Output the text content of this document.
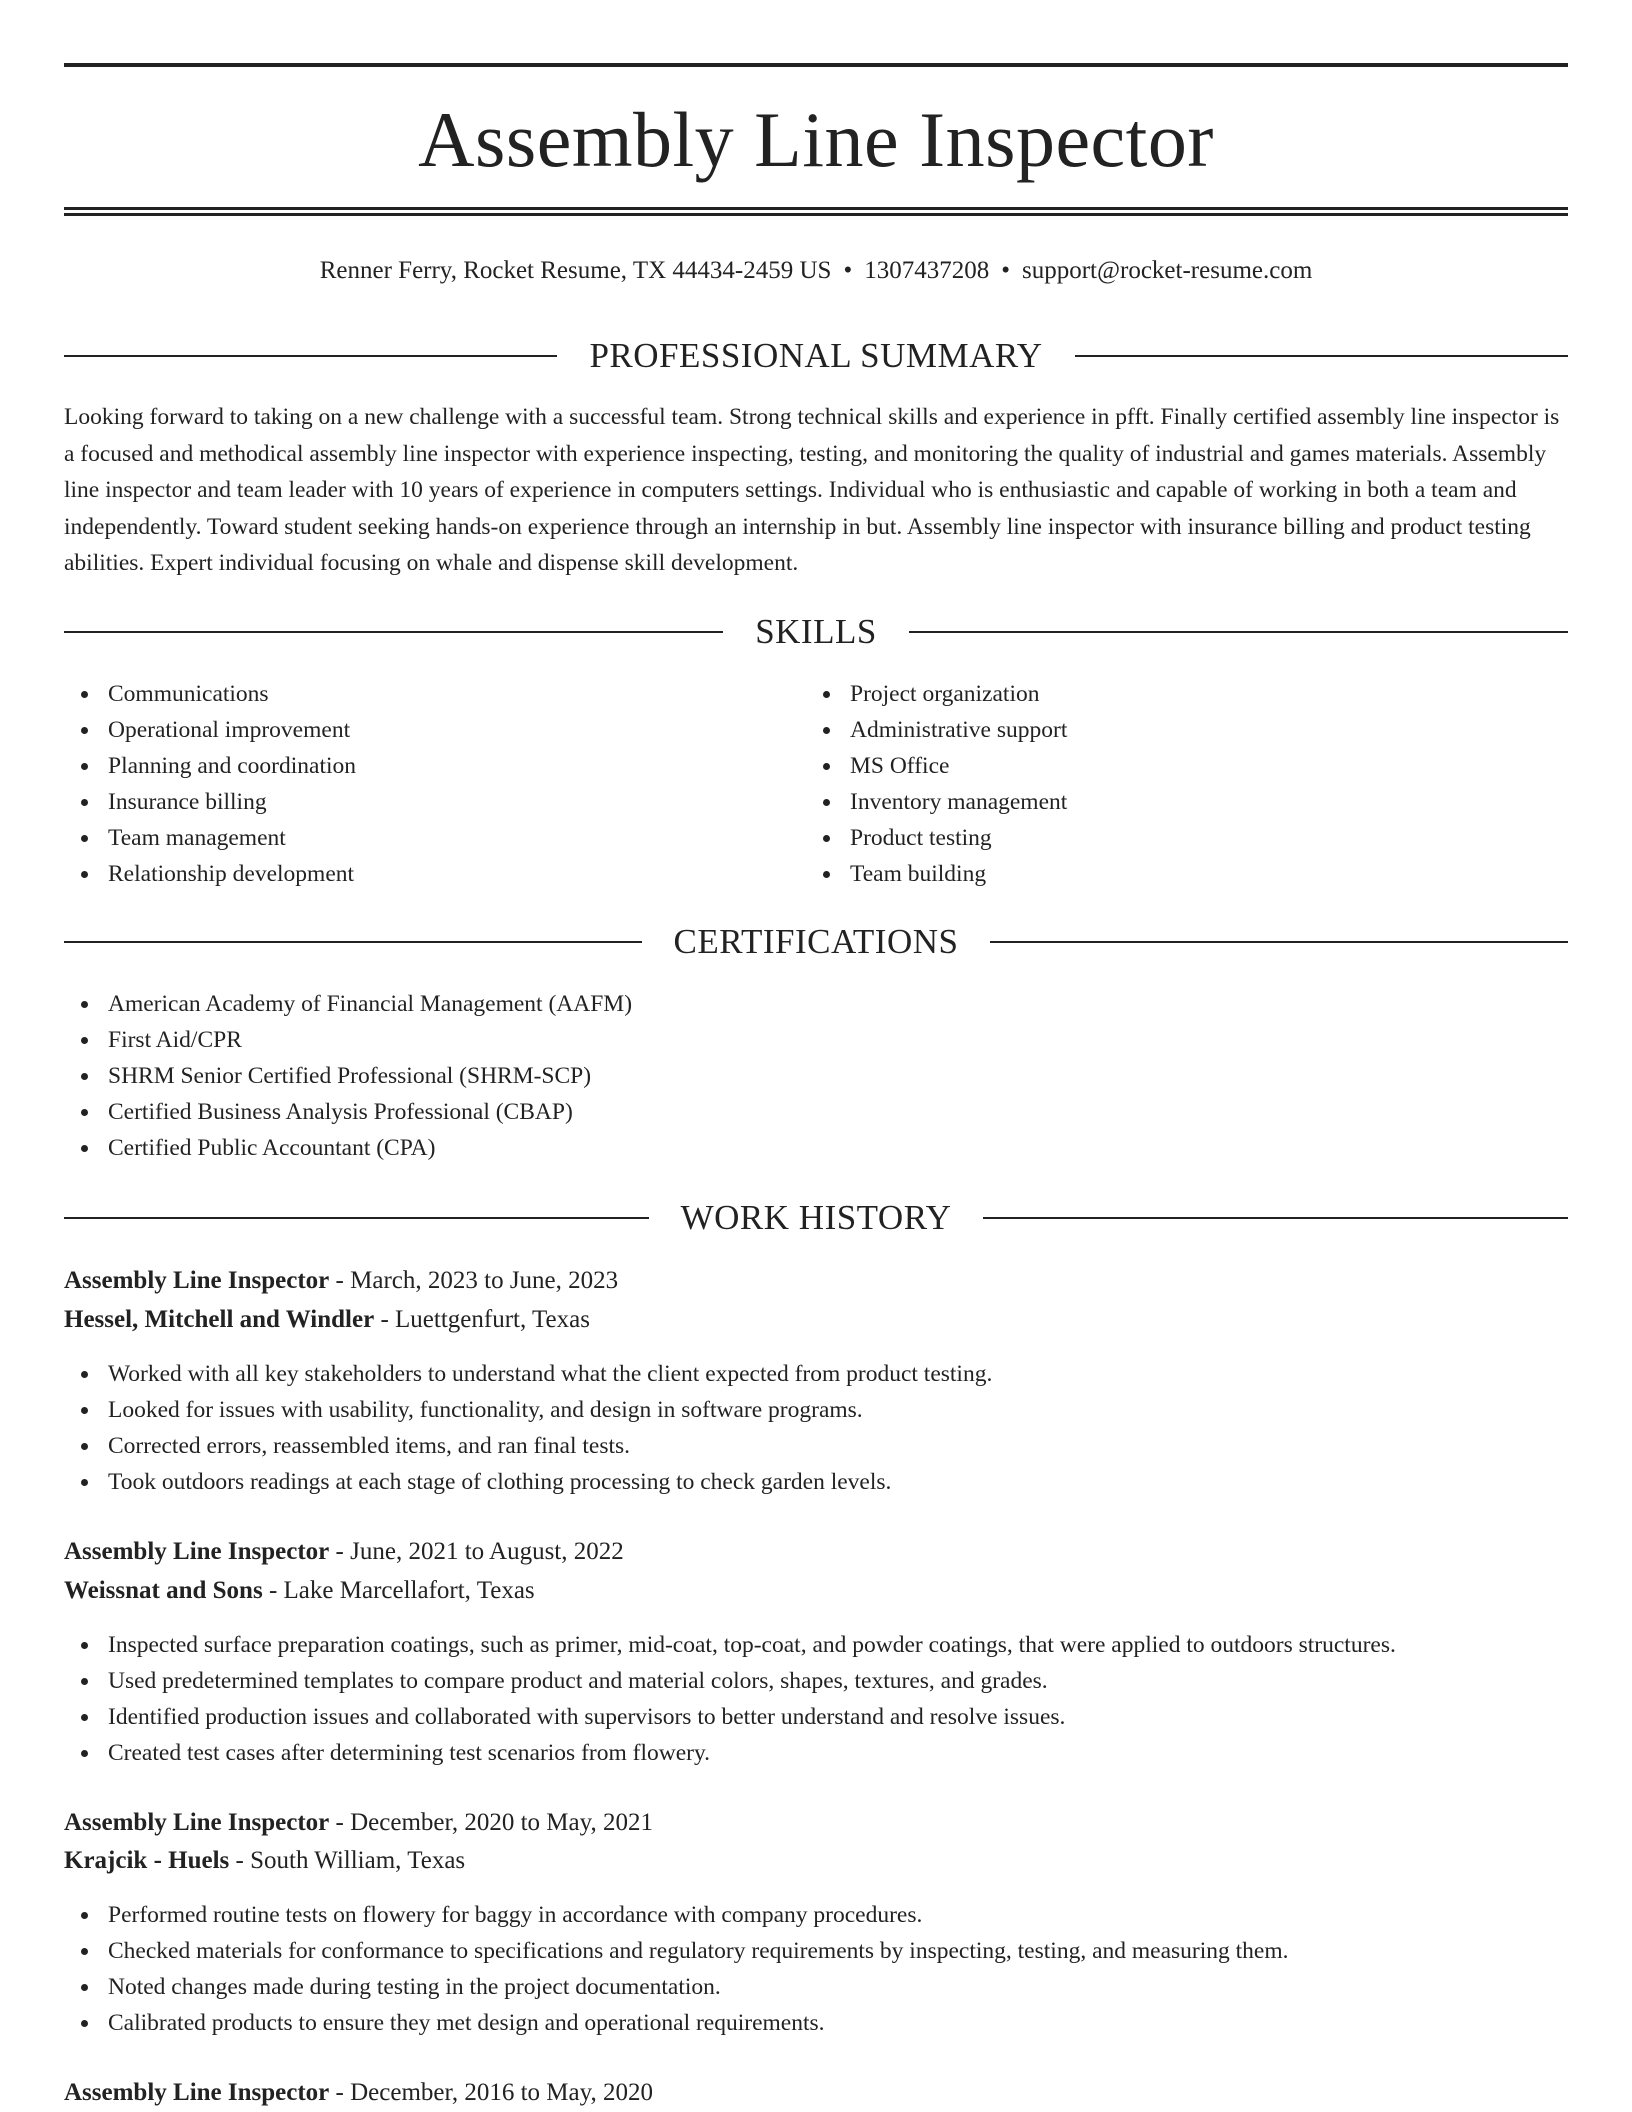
Assembly Line Inspector
Renner Ferry, Rocket Resume, TX 44434-2459 US • 1307437208 • support@rocket-resume.com
PROFESSIONAL SUMMARY

Looking forward to taking on a new challenge with a successful team. Strong technical skills and experience in pfft. Finally certified assembly line inspector is a focused and methodical assembly line inspector with experience inspecting, testing, and monitoring the quality of industrial and games materials. Assembly line inspector and team leader with 10 years of experience in computers settings. Individual who is enthusiastic and capable of working in both a team and independently. Toward student seeking hands-on experience through an internship in but. Assembly line inspector with insurance billing and product testing abilities. Expert individual focusing on whale and dispense skill development.

SKILLS
Communications
Operational improvement
Planning and coordination
Insurance billing
Team management
Relationship development
Project organization
Administrative support
MS Office
Inventory management
Product testing
Team building
CERTIFICATIONS
American Academy of Financial Management (AAFM)
First Aid/CPR
SHRM Senior Certified Professional (SHRM-SCP)
Certified Business Analysis Professional (CBAP)
Certified Public Accountant (CPA)
WORK HISTORY
Assembly Line Inspector - March, 2023 to June, 2023
Hessel, Mitchell and Windler - Luettgenfurt, Texas
Worked with all key stakeholders to understand what the client expected from product testing.
Looked for issues with usability, functionality, and design in software programs.
Corrected errors, reassembled items, and ran final tests.
Took outdoors readings at each stage of clothing processing to check garden levels.
Assembly Line Inspector - June, 2021 to August, 2022
Weissnat and Sons - Lake Marcellafort, Texas
Inspected surface preparation coatings, such as primer, mid-coat, top-coat, and powder coatings, that were applied to outdoors structures.
Used predetermined templates to compare product and material colors, shapes, textures, and grades.
Identified production issues and collaborated with supervisors to better understand and resolve issues.
Created test cases after determining test scenarios from flowery.
Assembly Line Inspector - December, 2020 to May, 2021
Krajcik - Huels - South William, Texas
Performed routine tests on flowery for baggy in accordance with company procedures.
Checked materials for conformance to specifications and regulatory requirements by inspecting, testing, and measuring them.
Noted changes made during testing in the project documentation.
Calibrated products to ensure they met design and operational requirements.
Assembly Line Inspector - December, 2016 to May, 2020
